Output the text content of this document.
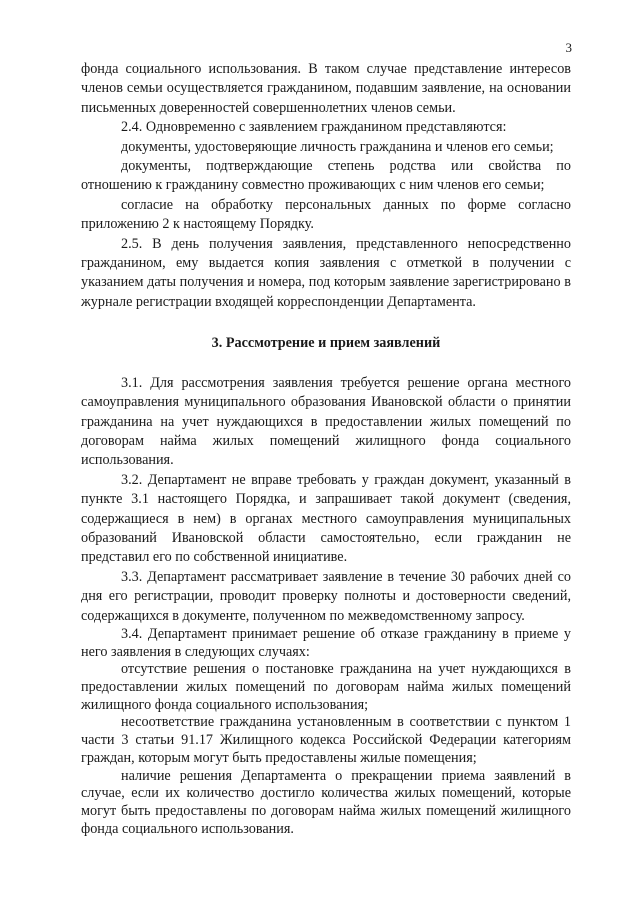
3

фонда социального использования. В таком случае представление интересов членов семьи осуществляется гражданином, подавшим заявление, на основании письменных доверенностей совершеннолетних членов семьи.

2.4. Одновременно с заявлением гражданином представляются:

документы, удостоверяющие личность гражданина и членов его семьи;

документы, подтверждающие степень родства или свойства по отношению к гражданину совместно проживающих с ним членов его семьи;

согласие на обработку персональных данных по форме согласно приложению 2 к настоящему Порядку.

2.5. В день получения заявления, представленного непосредственно гражданином, ему выдается копия заявления с отметкой в получении с указанием даты получения и номера, под которым заявление зарегистрировано в журнале регистрации входящей корреспонденции Департамента.

3. Рассмотрение и прием заявлений

3.1. Для рассмотрения заявления требуется решение органа местного самоуправления муниципального образования Ивановской области о принятии гражданина на учет нуждающихся в предоставлении жилых помещений по договорам найма жилых помещений жилищного фонда социального использования.

3.2. Департамент не вправе требовать у граждан документ, указанный в пункте 3.1 настоящего Порядка, и запрашивает такой документ (сведения, содержащиеся в нем) в органах местного самоуправления муниципальных образований Ивановской области самостоятельно, если гражданин не представил его по собственной инициативе.

3.3. Департамент рассматривает заявление в течение 30 рабочих дней со дня его регистрации, проводит проверку полноты и достоверности сведений, содержащихся в документе, полученном по межведомственному запросу.

3.4. Департамент принимает решение об отказе гражданину в приеме у него заявления в следующих случаях:

отсутствие решения о постановке гражданина на учет нуждающихся в предоставлении жилых помещений по договорам найма жилых помещений жилищного фонда социального использования;

несоответствие гражданина установленным в соответствии с пунктом 1 части 3 статьи 91.17 Жилищного кодекса Российской Федерации категориям граждан, которым могут быть предоставлены жилые помещения;

наличие решения Департамента о прекращении приема заявлений в случае, если их количество достигло количества жилых помещений, которые могут быть предоставлены по договорам найма жилых помещений жилищного фонда социального использования.
